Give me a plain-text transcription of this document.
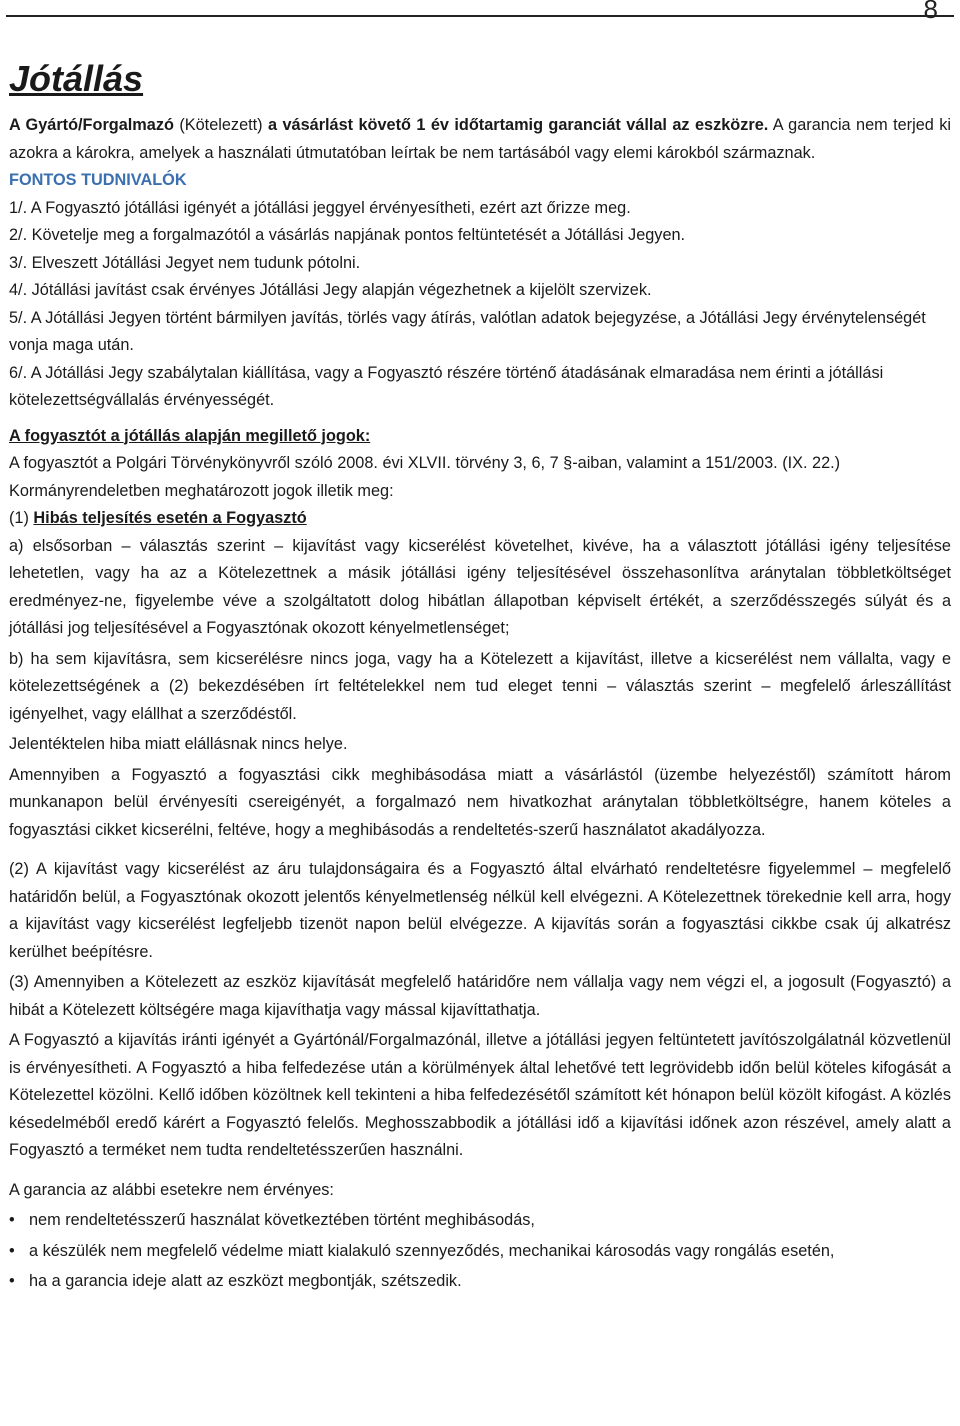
8
Jótállás

A Gyártó/Forgalmazó (Kötelezett) a vásárlást követő 1 év időtartamig garanciát vállal az eszközre. A garancia nem terjed ki azokra a károkra, amelyek a használati útmutatóban leírtak be nem tartásából vagy elemi károkból származnak.

FONTOS TUDNIVALÓK

1/. A Fogyasztó jótállási igényét a jótállási jeggyel érvényesítheti, ezért azt őrizze meg.

2/. Követelje meg a forgalmazótól a vásárlás napjának pontos feltüntetését a Jótállási Jegyen.

3/. Elveszett Jótállási Jegyet nem tudunk pótolni.

4/. Jótállási javítást csak érvényes Jótállási Jegy alapján végezhetnek a kijelölt szervizek.

5/. A Jótállási Jegyen történt bármilyen javítás, törlés vagy átírás, valótlan adatok bejegyzése, a Jótállási Jegy érvénytelenségét vonja maga után.

6/. A Jótállási Jegy szabálytalan kiállítása, vagy a Fogyasztó részére történő átadásának elmaradása nem érinti a jótállási kötelezettségvállalás érvényességét.

A fogyasztót a jótállás alapján megillető jogok:

A fogyasztót a Polgári Törvénykönyvről szóló 2008. évi XLVII. törvény 3, 6, 7 §-aiban, valamint a 151/2003. (IX. 22.) Kormányrendeletben meghatározott jogok illetik meg:

(1) Hibás teljesítés esetén a Fogyasztó

a) elsősorban – választás szerint – kijavítást vagy kicserélést követelhet, kivéve, ha a választott jótállási igény teljesítése lehetetlen, vagy ha az a Kötelezettnek a másik jótállási igény teljesítésével összehasonlítva aránytalan többletköltséget eredményez-ne, figyelembe véve a szolgáltatott dolog hibátlan állapotban képviselt értékét, a szerződésszegés súlyát és a jótállási jog teljesítésével a Fogyasztónak okozott kényelmetlenséget;

b) ha sem kijavításra, sem kicserélésre nincs joga, vagy ha a Kötelezett a kijavítást, illetve a kicserélést nem vállalta, vagy e kötelezettségének a (2) bekezdésében írt feltételekkel nem tud eleget tenni – választás szerint – megfelelő árleszállítást igényelhet, vagy elállhat a szerződéstől.

Jelentéktelen hiba miatt elállásnak nincs helye.

Amennyiben a Fogyasztó a fogyasztási cikk meghibásodása miatt a vásárlástól (üzembe helyezéstől) számított három munkanapon belül érvényesíti csereigényét, a forgalmazó nem hivatkozhat aránytalan többletköltségre, hanem köteles a fogyasztási cikket kicserélni, feltéve, hogy a meghibásodás a rendeltetés-szerű használatot akadályozza.

(2) A kijavítást vagy kicserélést az áru tulajdonságaira és a Fogyasztó által elvárható rendeltetésre figyelemmel – megfelelő határidőn belül, a Fogyasztónak okozott jelentős kényelmetlenség nélkül kell elvégezni. A Kötelezettnek törekednie kell arra, hogy a kijavítást vagy kicserélést legfeljebb tizenöt napon belül elvégezze. A kijavítás során a fogyasztási cikkbe csak új alkatrész kerülhet beépítésre.

(3) Amennyiben a Kötelezett az eszköz kijavítását megfelelő határidőre nem vállalja vagy nem végzi el, a jogosult (Fogyasztó) a hibát a Kötelezett költségére maga kijavíthatja vagy mással kijavíttathatja.

A Fogyasztó a kijavítás iránti igényét a Gyártónál/Forgalmazónál, illetve a jótállási jegyen feltüntetett javítószolgálatnál közvetlenül is érvényesítheti. A Fogyasztó a hiba felfedezése után a körülmények által lehetővé tett legrövidebb időn belül köteles kifogását a Kötelezettel közölni. Kellő időben közöltnek kell tekinteni a hiba felfedezésétől számított két hónapon belül közölt kifogást. A közlés késedelméből eredő kárért a Fogyasztó felelős. Meghosszabbodik a jótállási idő a kijavítási időnek azon részével, amely alatt a Fogyasztó a terméket nem tudta rendeltetésszerűen használni.

A garancia az alábbi esetekre nem érvényes:

• nem rendeltetésszerű használat következtében történt meghibásodás,
• a készülék nem megfelelő védelme miatt kialakuló szennyeződés, mechanikai károsodás vagy rongálás esetén,
• ha a garancia ideje alatt az eszközt megbontják, szétszedik.
